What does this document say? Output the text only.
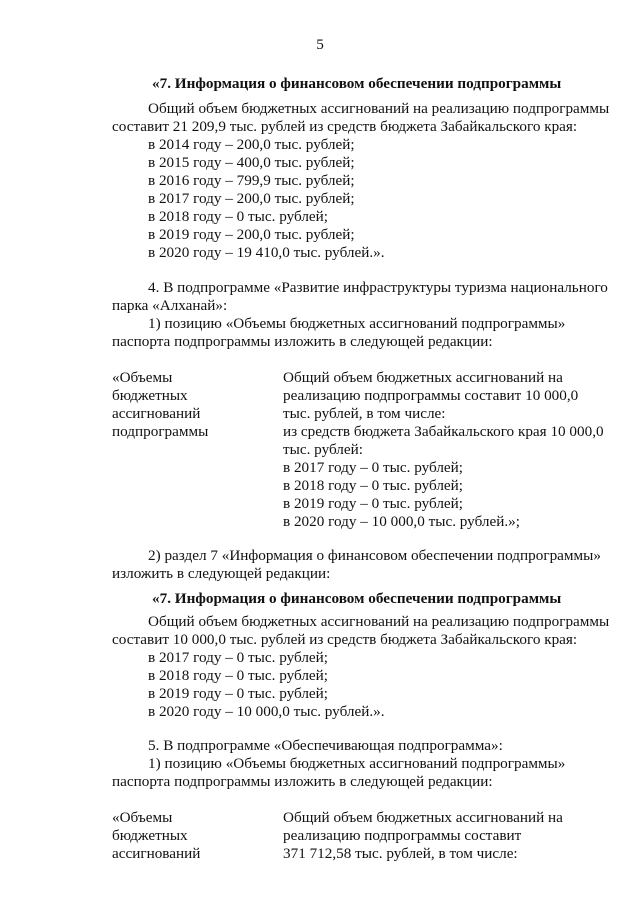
5
«7. Информация о финансовом обеспечении подпрограммы
Общий объем бюджетных ассигнований на реализацию подпрограммы
составит 21 209,9 тыс. рублей из средств бюджета Забайкальского края:
в 2014 году – 200,0 тыс. рублей;
в 2015 году – 400,0 тыс. рублей;
в 2016 году – 799,9 тыс. рублей;
в 2017 году – 200,0 тыс. рублей;
в 2018 году – 0 тыс. рублей;
в 2019 году – 200,0 тыс. рублей;
в 2020 году – 19 410,0 тыс. рублей.».
4. В подпрограмме «Развитие инфраструктуры туризма национального
парка «Алханай»:
1) позицию «Объемы бюджетных ассигнований подпрограммы»
паспорта подпрограммы изложить в следующей редакции:
«Объемы
бюджетных
ассигнований
подпрограммы
Общий объем бюджетных ассигнований на
реализацию подпрограммы составит 10 000,0
тыс. рублей, в том числе:
из средств бюджета Забайкальского края 10 000,0
тыс. рублей:
в 2017 году – 0 тыс. рублей;
в 2018 году – 0 тыс. рублей;
в 2019 году – 0 тыс. рублей;
в 2020 году – 10 000,0 тыс. рублей.»;
2) раздел 7 «Информация о финансовом обеспечении подпрограммы»
изложить в следующей редакции:
«7. Информация о финансовом обеспечении подпрограммы
Общий объем бюджетных ассигнований на реализацию подпрограммы
составит 10 000,0 тыс. рублей из средств бюджета Забайкальского края:
в 2017 году – 0 тыс. рублей;
в 2018 году – 0 тыс. рублей;
в 2019 году – 0 тыс. рублей;
в 2020 году – 10 000,0 тыс. рублей.».
5. В подпрограмме «Обеспечивающая подпрограмма»:
1) позицию «Объемы бюджетных ассигнований подпрограммы»
паспорта подпрограммы изложить в следующей редакции:
«Объемы
бюджетных
ассигнований
Общий объем бюджетных ассигнований на
реализацию подпрограммы составит
371 712,58 тыс. рублей, в том числе:
